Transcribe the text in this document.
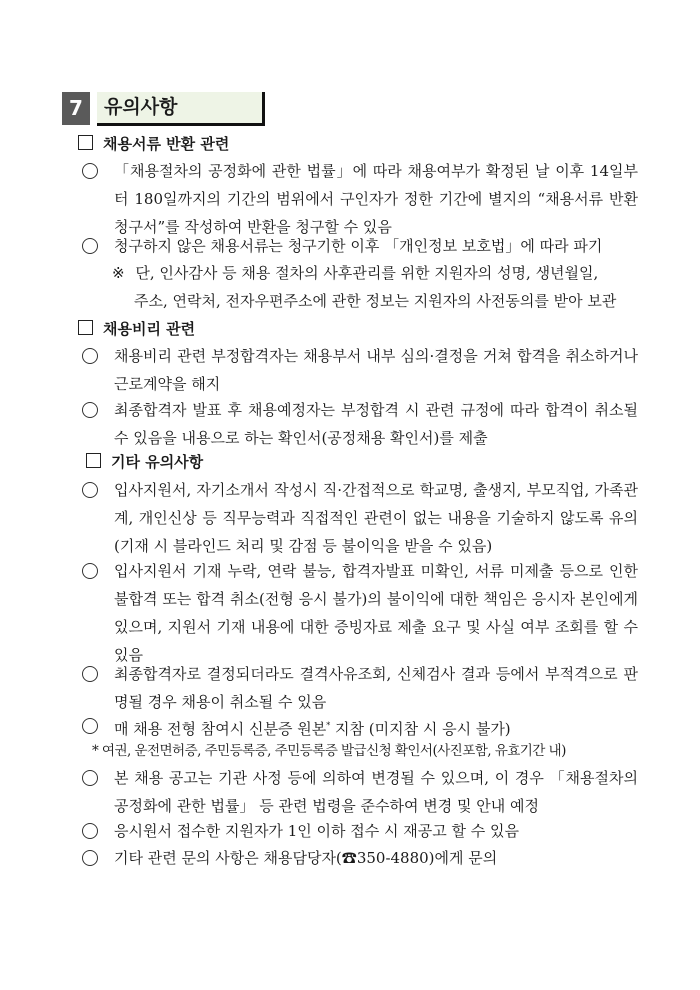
7	유의사항
채용서류 반환 관련
「채용절차의 공정화에 관한 법률」에 따라 채용여부가 확정된 날 이후 14일부터 180일까지의 기간의 범위에서 구인자가 정한 기간에 별지의 “채용서류 반환청구서”를 작성하여 반환을 청구할 수 있음
청구하지 않은 채용서류는 청구기한 이후 「개인정보 보호법」에 따라 파기
※ 단, 인사감사 등 채용 절차의 사후관리를 위한 지원자의 성명, 생년월일,
주소, 연락처, 전자우편주소에 관한 정보는 지원자의 사전동의를 받아 보관
채용비리 관련
채용비리 관련 부정합격자는 채용부서 내부 심의·결정을 거쳐 합격을 취소하거나 근로계약을 해지
최종합격자 발표 후 채용예정자는 부정합격 시 관련 규정에 따라 합격이 취소될 수 있음을 내용으로 하는 확인서(공정채용 확인서)를 제출
기타 유의사항
입사지원서, 자기소개서 작성시 직·간접적으로 학교명, 출생지, 부모직업, 가족관계, 개인신상 등 직무능력과 직접적인 관련이 없는 내용을 기술하지 않도록 유의(기재 시 블라인드 처리 및 감점 등 불이익을 받을 수 있음)
입사지원서 기재 누락, 연락 불능, 합격자발표 미확인, 서류 미제출 등으로 인한 불합격 또는 합격 취소(전형 응시 불가)의 불이익에 대한 책임은 응시자 본인에게 있으며, 지원서 기재 내용에 대한 증빙자료 제출 요구 및 사실 여부 조회를 할 수 있음
최종합격자로 결정되더라도 결격사유조회, 신체검사 결과 등에서 부적격으로 판명될 경우 채용이 취소될 수 있음
매 채용 전형 참여시 신분증 원본* 지참 (미지참 시 응시 불가)
* 여권, 운전면허증, 주민등록증, 주민등록증 발급신청 확인서(사진포함, 유효기간 내)
본 채용 공고는 기관 사정 등에 의하여 변경될 수 있으며, 이 경우 「채용절차의 공정화에 관한 법률」 등 관련 법령을 준수하여 변경 및 안내 예정
응시원서 접수한 지원자가 1인 이하 접수 시 재공고 할 수 있음
기타 관련 문의 사항은 채용담당자(☎350-4880)에게 문의
